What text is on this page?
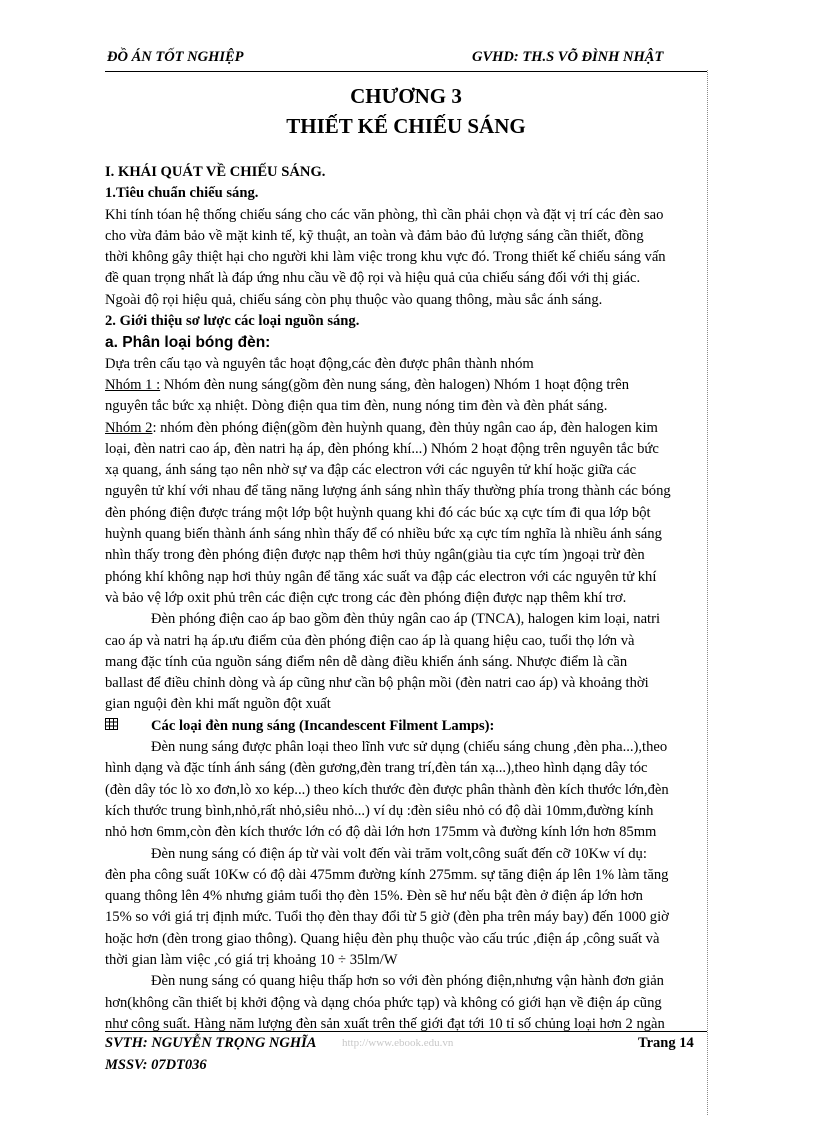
ĐỒ ÁN TỐT NGHIỆP	GVHD: TH.S VÕ ĐÌNH NHẬT
CHƯƠNG 3
THIẾT KẾ CHIẾU SÁNG
I. KHÁI QUÁT VỀ CHIẾU SÁNG.
1.Tiêu chuẩn chiếu sáng.
Khi tính tóan hệ thống chiếu sáng cho các văn phòng, thì cần phải chọn và đặt vị trí các đèn sao
cho vừa đảm bảo về mặt kinh tế, kỹ thuật, an toàn và đảm bảo đủ lượng sáng cần thiết, đồng
thời không gây thiệt hại cho người khi làm việc trong khu vực đó. Trong thiết kế chiếu sáng vấn
đề quan trọng nhất là đáp ứng nhu cầu về độ rọi và hiệu quả của chiếu sáng đối với thị giác.
Ngoài độ rọi hiệu quả, chiếu sáng còn phụ thuộc vào quang thông, màu sắc ánh sáng.
2. Giới thiệu sơ lược các loại nguồn sáng.
a. Phân loại bóng đèn:
Dựa trên cấu tạo và nguyên tắc hoạt động,các đèn được phân thành nhóm
Nhóm 1 : Nhóm đèn nung sáng(gồm đèn nung sáng, đèn halogen) Nhóm 1 hoạt động trên
nguyên tắc bức xạ nhiệt. Dòng điện qua tim đèn, nung nóng tim đèn và đèn phát sáng.
Nhóm 2: nhóm đèn phóng điện(gồm đèn huỳnh quang, đèn thủy ngân cao áp, đèn halogen kim
loại, đèn natri cao áp, đèn natri hạ áp, đèn phóng khí...) Nhóm 2 hoạt động trên nguyên tắc bức
xạ quang, ánh sáng tạo nên nhờ sự va đập các electron với các nguyên tử khí hoặc giữa các
nguyên tử khí với nhau để tăng năng lượng ánh sáng nhìn thấy thường phía trong thành các bóng
đèn phóng điện được tráng một lớp bột huỳnh quang khi đó các búc xạ cực tím đi qua lớp bột
huỳnh quang biến thành ánh sáng nhìn thấy để có nhiều bức xạ cực tím nghĩa là nhiều ánh sáng
nhìn thấy trong đèn phóng điện được nạp thêm hơi thủy ngân(giàu tia cực tím )ngoại trừ đèn
phóng khí không nạp hơi thủy ngân để tăng xác suất va đập các electron với các nguyên tử khí
và bảo vệ lớp oxit phủ trên các điện cực trong các đèn phóng điện được nạp thêm khí trơ.
Đèn phóng điện cao áp bao gồm đèn thủy ngân cao áp (TNCA), halogen kim loại, natri
cao áp và natri hạ áp.ưu điểm của đèn phóng điện cao áp là quang hiệu cao, tuổi thọ lớn và
mang đặc tính của nguồn sáng điểm nên dễ dàng điều khiển ánh sáng. Nhược điểm là cần
ballast để điều chỉnh dòng và áp cũng như cần bộ phận mồi (đèn natri cao áp) và khoảng thời
gian nguội đèn khi mất nguồn đột xuất
Các loại đèn nung sáng (Incandescent Filment Lamps):
Đèn nung sáng được phân loại theo lĩnh vưc sử dụng (chiếu sáng chung ,đèn pha...),theo
hình dạng và đặc tính ánh sáng (đèn gương,đèn trang trí,đèn tán xạ...),theo hình dạng dây tóc
(đèn dây tóc lò xo đơn,lò xo kép...) theo kích thước đèn được phân thành đèn kích thước lớn,đèn
kích thước trung bình,nhỏ,rất nhỏ,siêu nhỏ...) ví dụ :đèn siêu nhỏ có độ dài 10mm,đường kính
nhỏ hơn 6mm,còn đèn kích thước lớn có độ dài lớn hơn 175mm và đường kính lớn hơn 85mm
Đèn nung sáng có điện áp từ vài volt đến vài trăm volt,công suất đến cỡ 10Kw ví dụ:
đèn pha công suất 10Kw có độ dài 475mm đường kính 275mm. sự tăng điện áp lên 1% làm tăng
quang thông lên 4% nhưng giảm tuổi thọ đèn 15%. Đèn sẽ hư nếu bật đèn ở điện áp lớn hơn
15% so với giá trị định mức. Tuổi thọ đèn thay đổi từ 5 giờ (đèn pha trên máy bay) đến 1000 giờ
hoặc hơn (đèn trong giao thông). Quang hiệu đèn phụ thuộc vào cấu trúc ,điện áp ,công suất và
thời gian làm việc ,có giá trị khoảng 10 ÷ 35lm/W
Đèn nung sáng có quang hiệu thấp hơn so với đèn phóng điện,nhưng vận hành đơn giản
hơn(không cần thiết bị khởi động và dạng chóa phức tạp) và không có giới hạn về điện áp cũng
như công suất. Hàng năm lượng đèn sản xuất trên thế giới đạt tới 10 tỉ số chủng loại hơn 2 ngàn
SVTH: NGUYỄN TRỌNG NGHĨA http://www.ebook.edu.vn	Trang 14
MSSV: 07DT036
